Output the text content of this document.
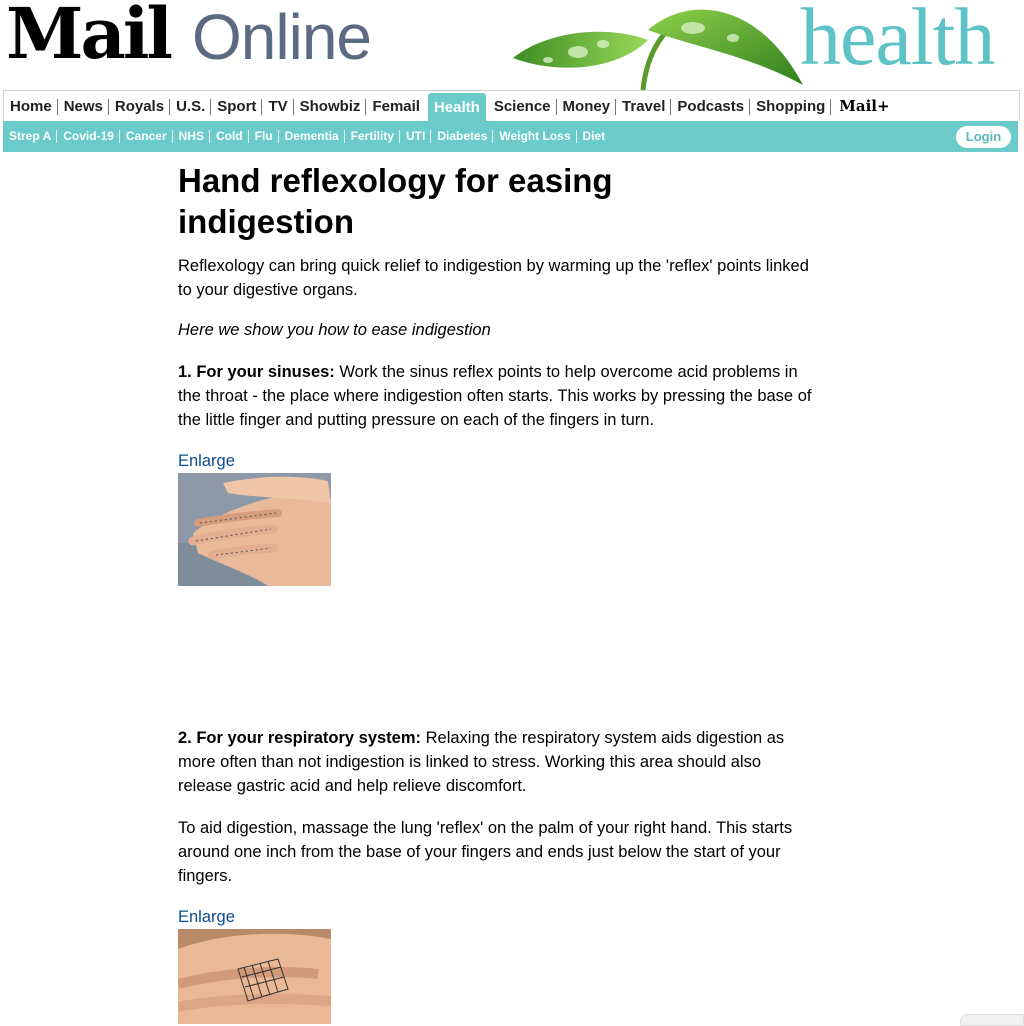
Mail Online	health
Home News Royals U.S. Sport TV Showbiz Femail Health Science Money Travel Podcasts Shopping Mail+
Strep A	Covid-19	Cancer	NHS	Cold	Flu	Dementia	Fertility	UTI	Diabetes	Weight Loss	Diet	Login
Hand reflexology for easing indigestion

Reflexology can bring quick relief to indigestion by warming up the 'reflex' points linked to your digestive organs.

Here we show you how to ease indigestion

1. For your sinuses: Work the sinus reflex points to help overcome acid problems in the throat - the place where indigestion often starts. This works by pressing the base of the little finger and putting pressure on each of the fingers in turn.

Enlarge

2. For your respiratory system: Relaxing the respiratory system aids digestion as more often than not indigestion is linked to stress. Working this area should also release gastric acid and help relieve discomfort.

To aid digestion, massage the lung 'reflex' on the palm of your right hand. This starts around one inch from the base of your fingers and ends just below the start of your fingers.

Enlarge
